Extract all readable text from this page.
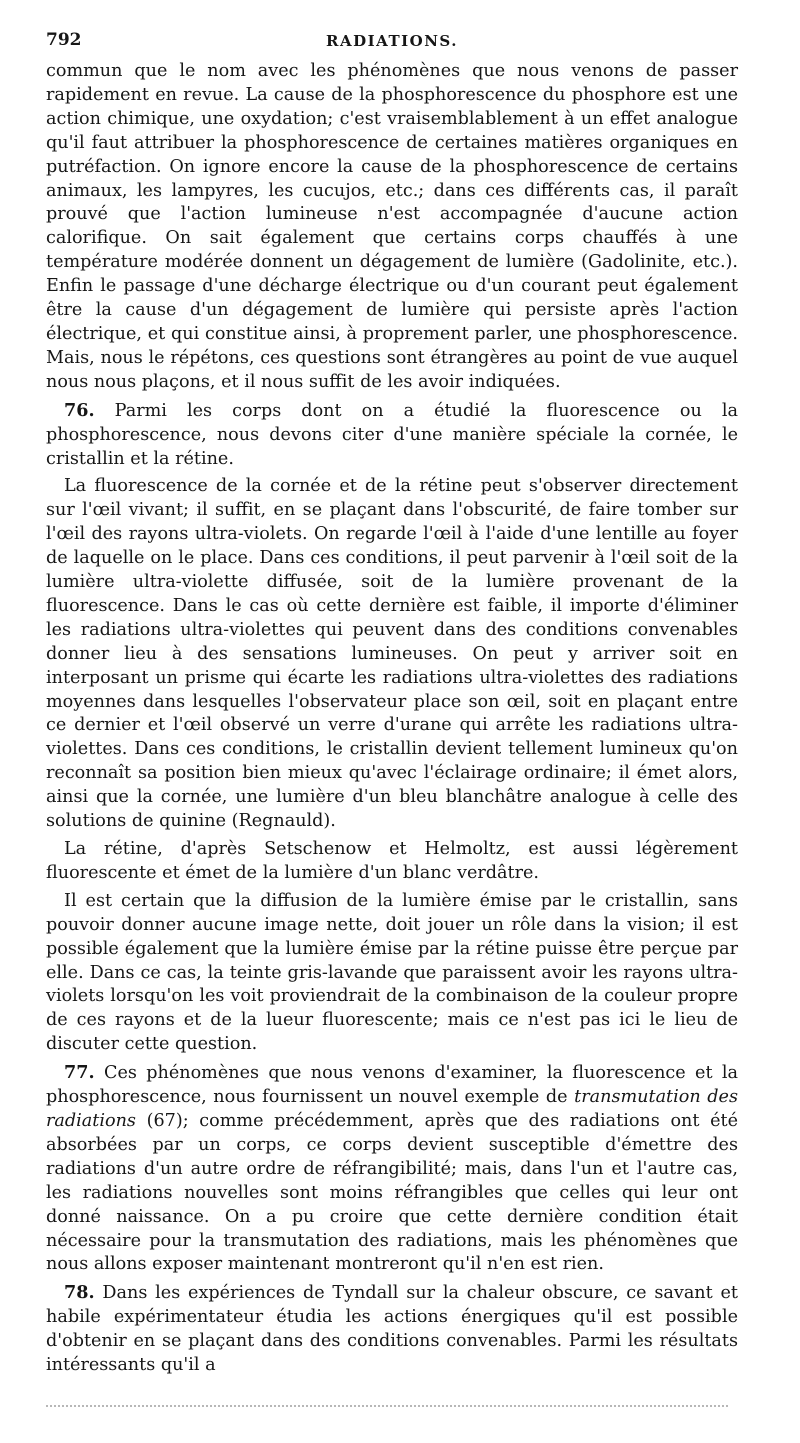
792	RADIATIONS.

commun que le nom avec les phénomènes que nous venons de passer rapidement en revue. La cause de la phosphorescence du phosphore est une action chimique, une oxydation; c'est vraisemblablement à un effet analogue qu'il faut attribuer la phosphorescence de certaines matières organiques en putréfaction. On ignore encore la cause de la phosphorescence de certains animaux, les lampyres, les cucujos, etc.; dans ces différents cas, il paraît prouvé que l'action lumineuse n'est accompagnée d'aucune action calorifique. On sait également que certains corps chauffés à une température modérée donnent un dégagement de lumière (Gadolinite, etc.). Enfin le passage d'une décharge électrique ou d'un courant peut également être la cause d'un dégagement de lumière qui persiste après l'action électrique, et qui constitue ainsi, à proprement parler, une phosphorescence. Mais, nous le répétons, ces questions sont étrangères au point de vue auquel nous nous plaçons, et il nous suffit de les avoir indiquées.

76. Parmi les corps dont on a étudié la fluorescence ou la phosphorescence, nous devons citer d'une manière spéciale la cornée, le cristallin et la rétine.

La fluorescence de la cornée et de la rétine peut s'observer directement sur l'œil vivant; il suffit, en se plaçant dans l'obscurité, de faire tomber sur l'œil des rayons ultra-violets. On regarde l'œil à l'aide d'une lentille au foyer de laquelle on le place. Dans ces conditions, il peut parvenir à l'œil soit de la lumière ultra-violette diffusée, soit de la lumière provenant de la fluorescence. Dans le cas où cette dernière est faible, il importe d'éliminer les radiations ultra-violettes qui peuvent dans des conditions convenables donner lieu à des sensations lumineuses. On peut y arriver soit en interposant un prisme qui écarte les radiations ultra-violettes des radiations moyennes dans lesquelles l'observateur place son œil, soit en plaçant entre ce dernier et l'œil observé un verre d'urane qui arrête les radiations ultra-violettes. Dans ces conditions, le cristallin devient tellement lumineux qu'on reconnaît sa position bien mieux qu'avec l'éclairage ordinaire; il émet alors, ainsi que la cornée, une lumière d'un bleu blanchâtre analogue à celle des solutions de quinine (Regnauld).

La rétine, d'après Setschenow et Helmoltz, est aussi légèrement fluorescente et émet de la lumière d'un blanc verdâtre.

Il est certain que la diffusion de la lumière émise par le cristallin, sans pouvoir donner aucune image nette, doit jouer un rôle dans la vision; il est possible également que la lumière émise par la rétine puisse être perçue par elle. Dans ce cas, la teinte gris-lavande que paraissent avoir les rayons ultra-violets lorsqu'on les voit proviendrait de la combinaison de la couleur propre de ces rayons et de la lueur fluorescente; mais ce n'est pas ici le lieu de discuter cette question.

77. Ces phénomènes que nous venons d'examiner, la fluorescence et la phosphorescence, nous fournissent un nouvel exemple de transmutation des radiations (67); comme précédemment, après que des radiations ont été absorbées par un corps, ce corps devient susceptible d'émettre des radiations d'un autre ordre de réfrangibilité; mais, dans l'un et l'autre cas, les radiations nouvelles sont moins réfrangibles que celles qui leur ont donné naissance. On a pu croire que cette dernière condition était nécessaire pour la transmutation des radiations, mais les phénomènes que nous allons exposer maintenant montreront qu'il n'en est rien.

78. Dans les expériences de Tyndall sur la chaleur obscure, ce savant et habile expérimentateur étudia les actions énergiques qu'il est possible d'obtenir en se plaçant dans des conditions convenables. Parmi les résultats intéressants qu'il a
